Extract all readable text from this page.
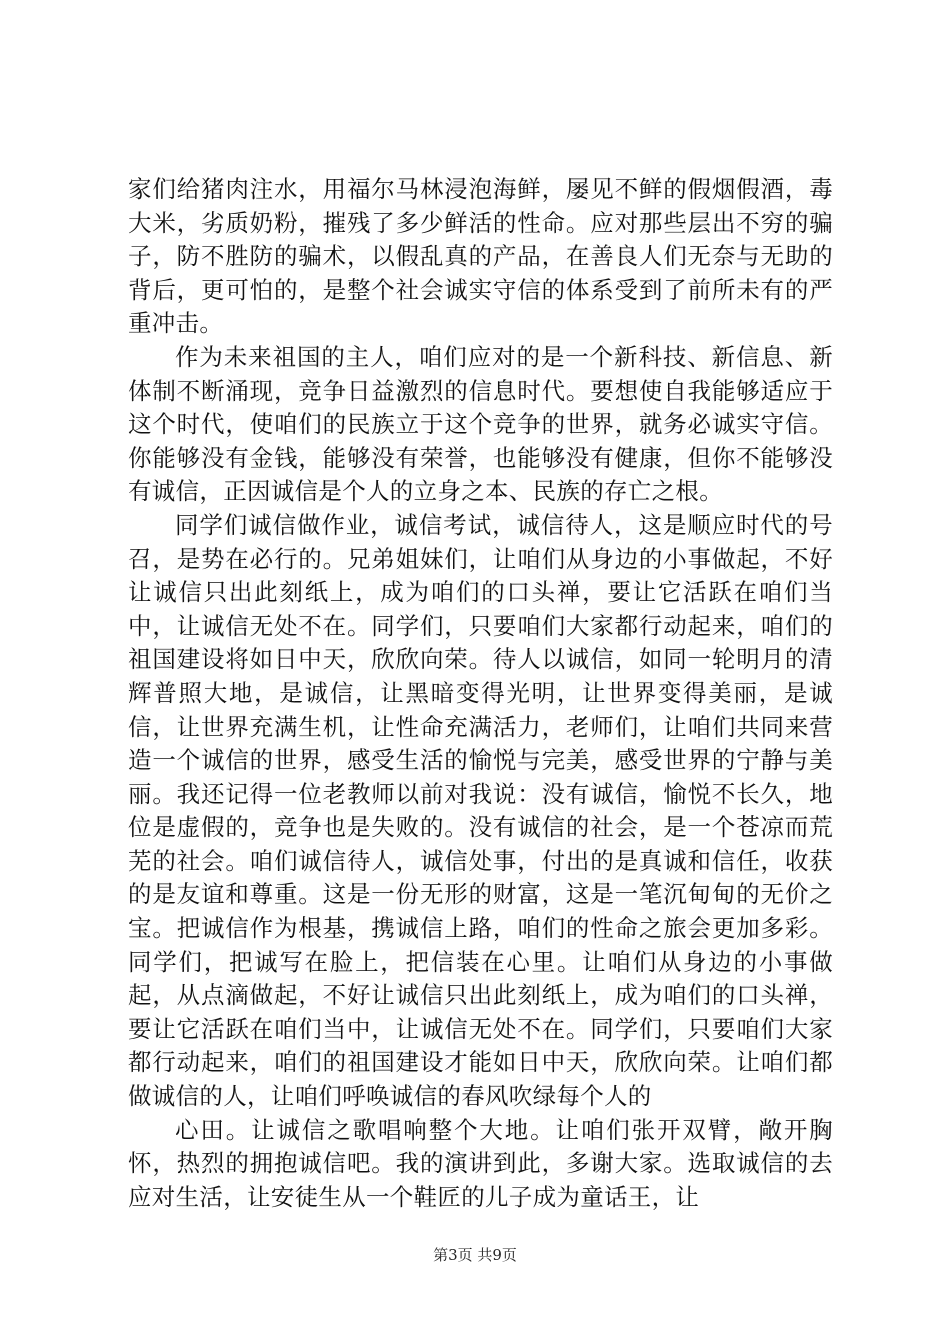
家们给猪肉注水，用福尔马林浸泡海鲜，屡见不鲜的假烟假酒，毒大米，劣质奶粉，摧残了多少鲜活的性命。应对那些层出不穷的骗子，防不胜防的骗术，以假乱真的产品，在善良人们无奈与无助的背后，更可怕的，是整个社会诚实守信的体系受到了前所未有的严重冲击。

作为未来祖国的主人，咱们应对的是一个新科技、新信息、新体制不断涌现，竞争日益激烈的信息时代。要想使自我能够适应于这个时代，使咱们的民族立于这个竞争的世界，就务必诚实守信。你能够没有金钱，能够没有荣誉，也能够没有健康，但你不能够没有诚信，正因诚信是个人的立身之本、民族的存亡之根。

同学们诚信做作业，诚信考试，诚信待人，这是顺应时代的号召，是势在必行的。兄弟姐妹们，让咱们从身边的小事做起，不好让诚信只出此刻纸上，成为咱们的口头禅，要让它活跃在咱们当中，让诚信无处不在。同学们，只要咱们大家都行动起来，咱们的祖国建设将如日中天，欣欣向荣。待人以诚信，如同一轮明月的清辉普照大地，是诚信，让黑暗变得光明，让世界变得美丽，是诚信，让世界充满生机，让性命充满活力，老师们，让咱们共同来营造一个诚信的世界，感受生活的愉悦与完美，感受世界的宁静与美丽。我还记得一位老教师以前对我说：没有诚信，愉悦不长久，地位是虚假的，竞争也是失败的。没有诚信的社会，是一个苍凉而荒芜的社会。咱们诚信待人，诚信处事，付出的是真诚和信任，收获的是友谊和尊重。这是一份无形的财富，这是一笔沉甸甸的无价之宝。把诚信作为根基，携诚信上路，咱们的性命之旅会更加多彩。同学们，把诚写在脸上，把信装在心里。让咱们从身边的小事做起，从点滴做起，不好让诚信只出此刻纸上，成为咱们的口头禅，要让它活跃在咱们当中，让诚信无处不在。同学们，只要咱们大家都行动起来，咱们的祖国建设才能如日中天，欣欣向荣。让咱们都做诚信的人，让咱们呼唤诚信的春风吹绿每个人的

心田。让诚信之歌唱响整个大地。让咱们张开双臂，敞开胸怀，热烈的拥抱诚信吧。我的演讲到此，多谢大家。选取诚信的去应对生活，让安徒生从一个鞋匠的儿子成为童话王，让

第3页 共9页
